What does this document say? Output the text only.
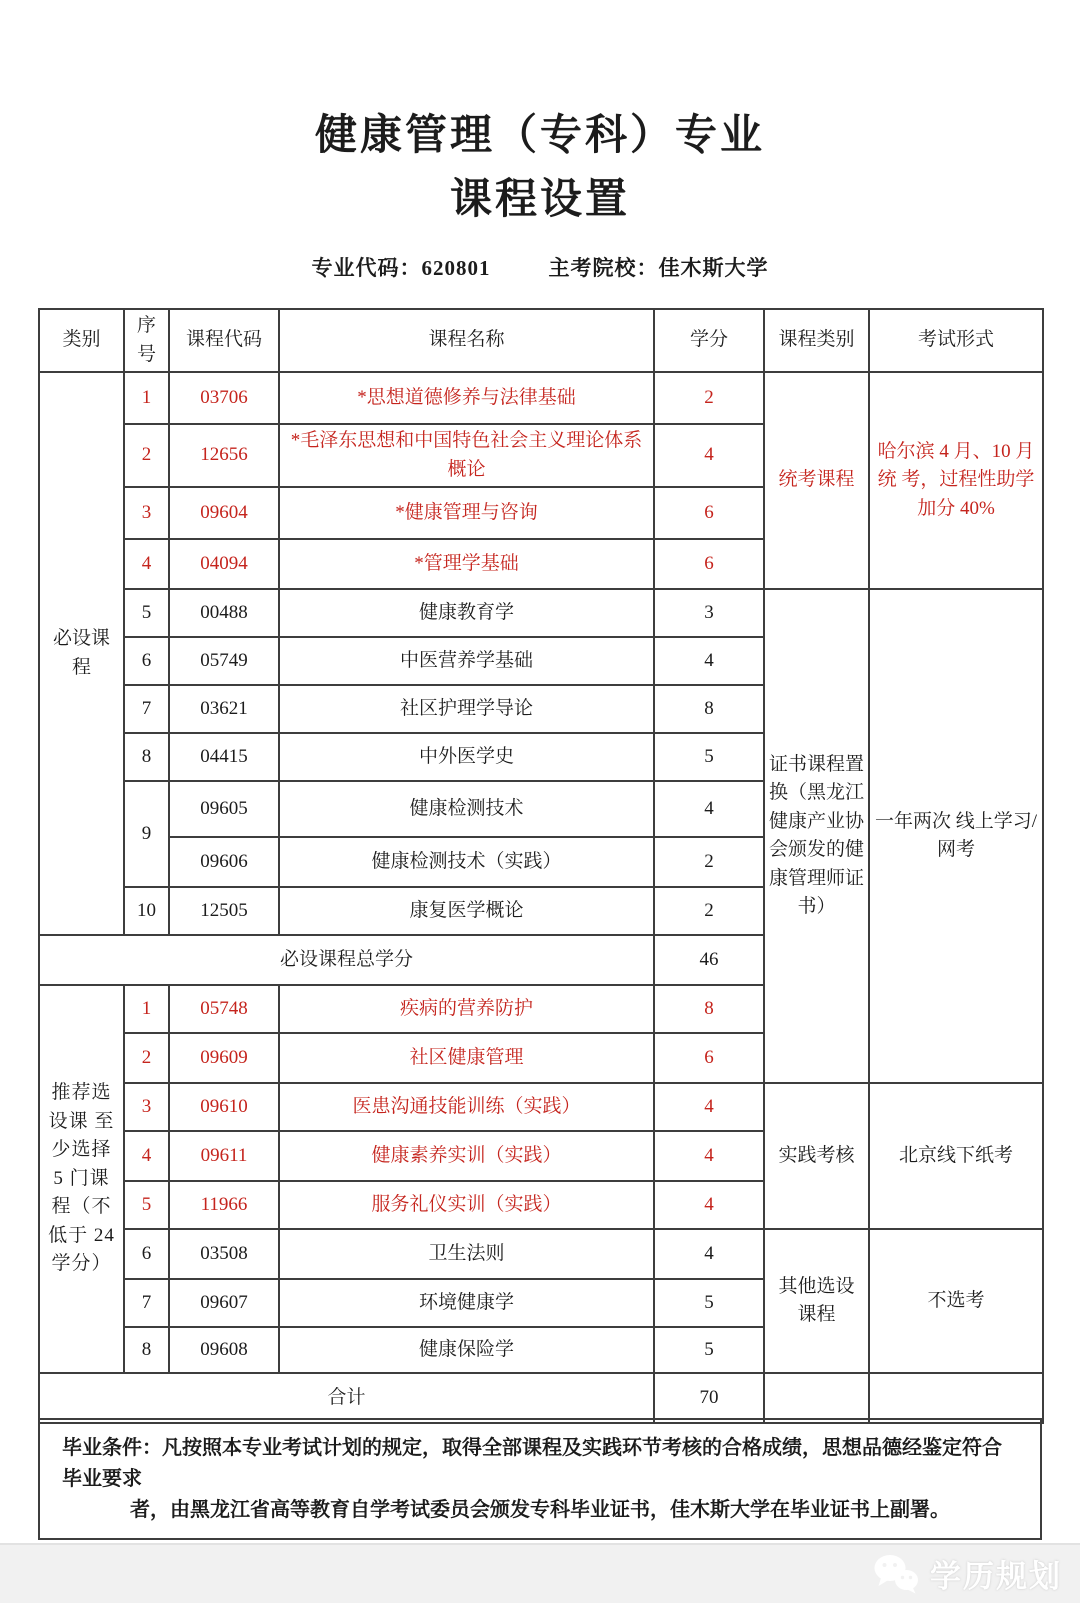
健康管理（专科）专业
课程设置
专业代码：620801	主考院校：佳木斯大学
类别	序号	课程代码	课程名称	学分	课程类别	考试形式
必设课程	1	03706	*思想道德修养与法律基础	2	统考课程	哈尔滨 4 月、10 月统 考，过程性助学加分 40%
	2	12656	*毛泽东思想和中国特色社会主义理论体系概论	4		
	3	09604	*健康管理与咨询	6		
	4	04094	*管理学基础	6		
	5	00488	健康教育学	3	证书课程置换（黑龙江健康产业协会颁发的健康管理师证书）	一年两次 线上学习/网考
	6	05749	中医营养学基础	4		
	7	03621	社区护理学导论	8		
	8	04415	中外医学史	5		
	9	09605	健康检测技术	4		
		09606	健康检测技术（实践）	2		
	10	12505	康复医学概论	2		
必设课程总学分				46		
推荐选设课 至少选择 5 门课程（不低于 24 学分）	1	05748	疾病的营养防护	8		
	2	09609	社区健康管理	6		
	3	09610	医患沟通技能训练（实践）	4	实践考核	北京线下纸考
	4	09611	健康素养实训（实践）	4		
	5	11966	服务礼仪实训（实践）	4		
	6	03508	卫生法则	4	其他选设 课程	不选考
	7	09607	环境健康学	5		
	8	09608	健康保险学	5		
合计				70		
毕业条件：凡按照本专业考试计划的规定，取得全部课程及实践环节考核的合格成绩，思想品德经鉴定符合毕业要求
者，由黑龙江省高等教育自学考试委员会颁发专科毕业证书，佳木斯大学在毕业证书上副署。
学历规划
